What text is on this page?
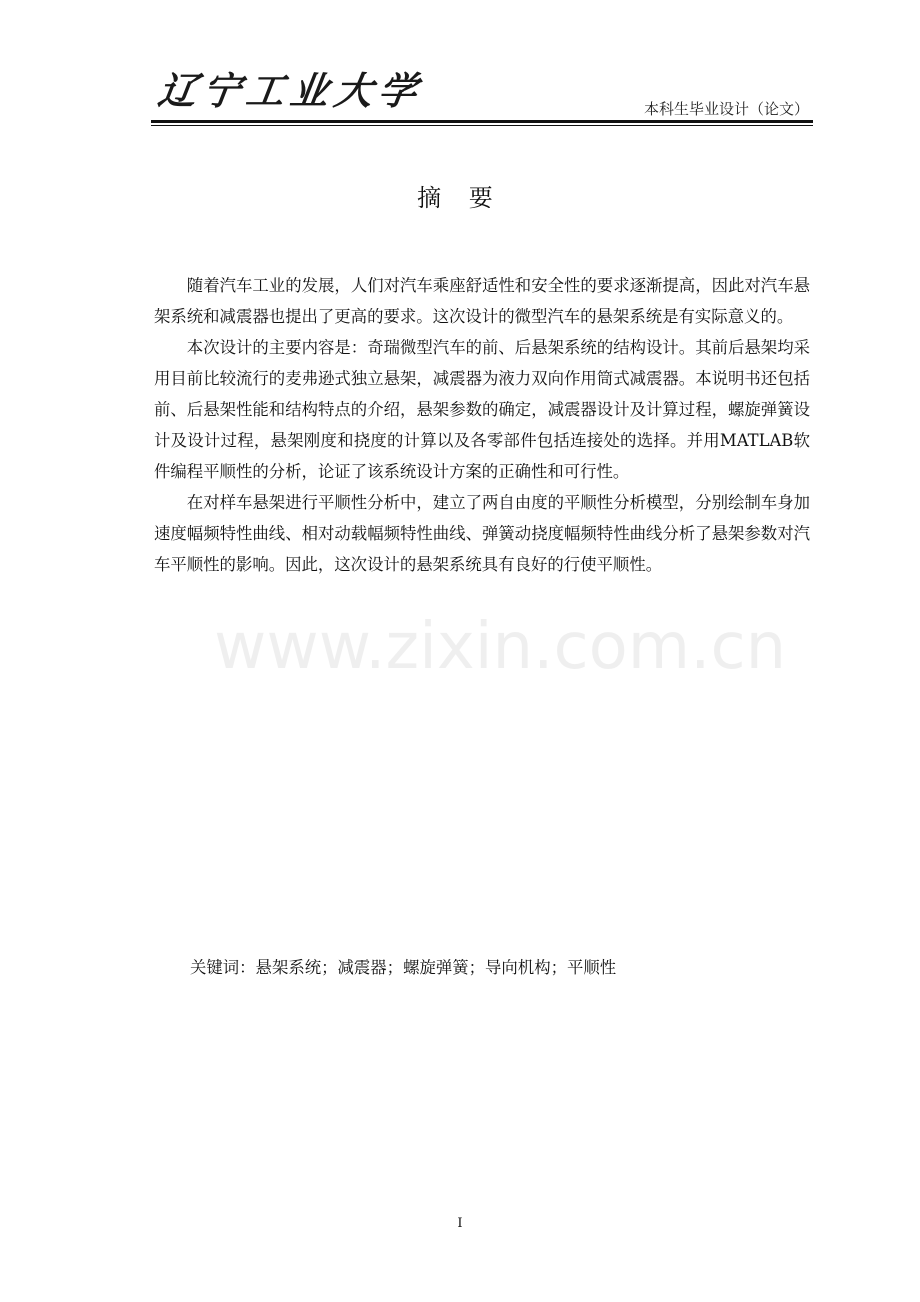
辽宁工业大学	本科生毕业设计（论文）
摘 要

随着汽车工业的发展，人们对汽车乘座舒适性和安全性的要求逐渐提高，因此对汽车悬架系统和减震器也提出了更高的要求。这次设计的微型汽车的悬架系统是有实际意义的。

本次设计的主要内容是：奇瑞微型汽车的前、后悬架系统的结构设计。其前后悬架均采用目前比较流行的麦弗逊式独立悬架，减震器为液力双向作用筒式减震器。本说明书还包括前、后悬架性能和结构特点的介绍，悬架参数的确定，减震器设计及计算过程，螺旋弹簧设计及设计过程，悬架刚度和挠度的计算以及各零部件包括连接处的选择。并用MATLAB软件编程平顺性的分析，论证了该系统设计方案的正确性和可行性。

在对样车悬架进行平顺性分析中，建立了两自由度的平顺性分析模型，分别绘制车身加速度幅频特性曲线、相对动载幅频特性曲线、弹簧动挠度幅频特性曲线分析了悬架参数对汽车平顺性的影响。因此，这次设计的悬架系统具有良好的行使平顺性。

www.zixin.com.cn
关键词：悬架系统；减震器；螺旋弹簧；导向机构；平顺性
I
